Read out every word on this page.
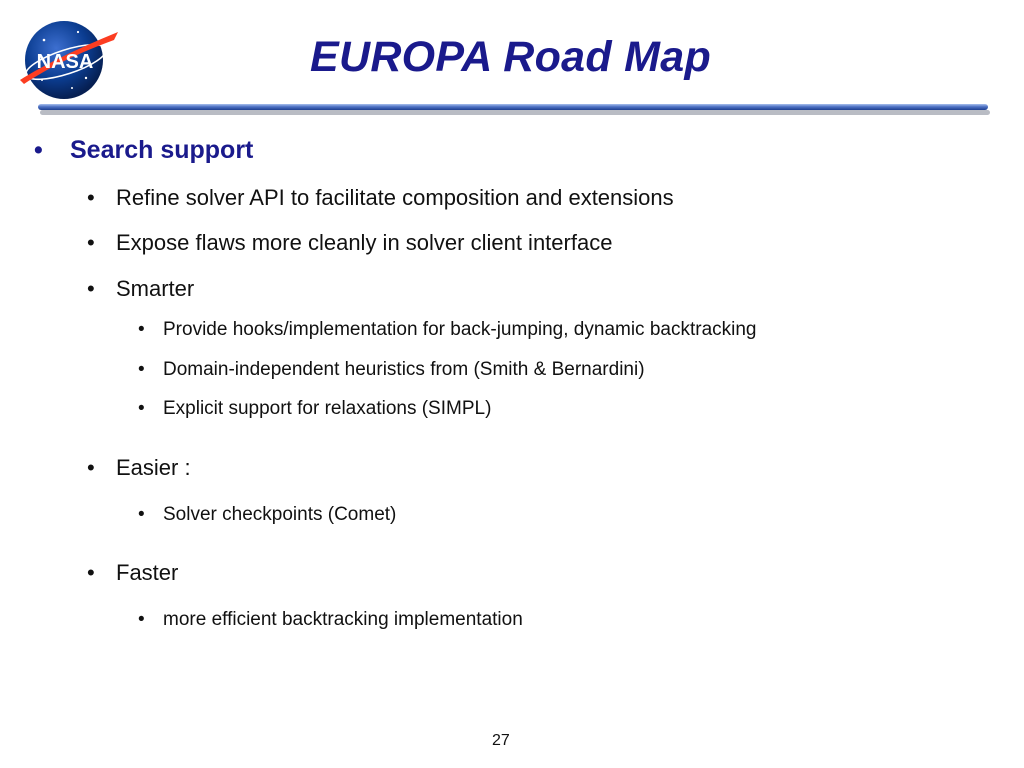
NASA	EUROPA Road Map
• Search support
• Refine solver API to facilitate composition and extensions
• Expose flaws more cleanly in solver client interface
• Smarter
• Provide hooks/implementation for back-jumping, dynamic backtracking
• Domain-independent heuristics from (Smith & Bernardini)
• Explicit support for relaxations (SIMPL)
• Easier :
• Solver checkpoints (Comet)
• Faster
• more efficient backtracking implementation
27
